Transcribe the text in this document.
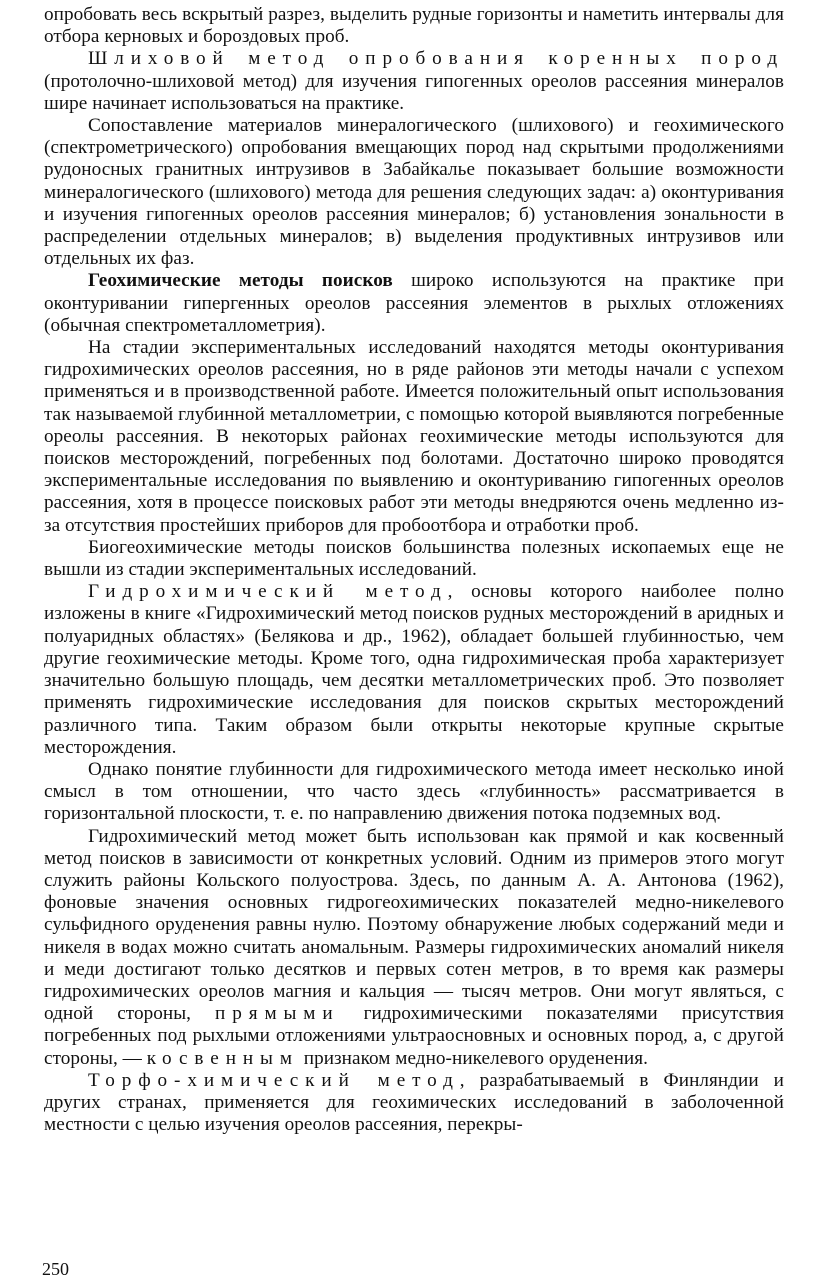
опробовать весь вскрытый разрез, выделить рудные горизонты и наметить интервалы для отбора керновых и бороздовых проб.

Шлиховой метод опробования коренных пород (протолочно-шлиховой метод) для изучения гипогенных ореолов рассеяния минералов шире начинает использоваться на практике.

Сопоставление материалов минералогического (шлихового) и геохимического (спектрометрического) опробования вмещающих пород над скрытыми продолжениями рудоносных гранитных интрузивов в Забайкалье показывает большие возможности минералогического (шлихового) метода для решения следующих задач: а) оконтуривания и изучения гипогенных ореолов рассеяния минералов; б) установления зональности в распределении отдельных минералов; в) выделения продуктивных интрузивов или отдельных их фаз.

Геохимические методы поисков широко используются на практике при оконтуривании гипергенных ореолов рассеяния элементов в рыхлых отложениях (обычная спектрометаллометрия).

На стадии экспериментальных исследований находятся методы оконтуривания гидрохимических ореолов рассеяния, но в ряде районов эти методы начали с успехом применяться и в производственной работе. Имеется положительный опыт использования так называемой глубинной металлометрии, с помощью которой выявляются погребенные ореолы рассеяния. В некоторых районах геохимические методы используются для поисков месторождений, погребенных под болотами. Достаточно широко проводятся экспериментальные исследования по выявлению и оконтуриванию гипогенных ореолов рассеяния, хотя в процессе поисковых работ эти методы внедряются очень медленно из-за отсутствия простейших приборов для пробоотбора и отработки проб.

Биогеохимические методы поисков большинства полезных ископаемых еще не вышли из стадии экспериментальных исследований.

Гидрохимический метод, основы которого наиболее полно изложены в книге «Гидрохимический метод поисков рудных месторождений в аридных и полуаридных областях» (Белякова и др., 1962), обладает большей глубинностью, чем другие геохимические методы. Кроме того, одна гидрохимическая проба характеризует значительно большую площадь, чем десятки металлометрических проб. Это позволяет применять гидрохимические исследования для поисков скрытых месторождений различного типа. Таким образом были открыты некоторые крупные скрытые месторождения.

Однако понятие глубинности для гидрохимического метода имеет несколько иной смысл в том отношении, что часто здесь «глубинность» рассматривается в горизонтальной плоскости, т. е. по направлению движения потока подземных вод.

Гидрохимический метод может быть использован как прямой и как косвенный метод поисков в зависимости от конкретных условий. Одним из примеров этого могут служить районы Кольского полуострова. Здесь, по данным А. А. Антонова (1962), фоновые значения основных гидрогеохимических показателей медно-никелевого сульфидного оруденения равны нулю. Поэтому обнаружение любых содержаний меди и никеля в водах можно считать аномальным. Размеры гидрохимических аномалий никеля и меди достигают только десятков и первых сотен метров, в то время как размеры гидрохимических ореолов магния и кальция — тысяч метров. Они могут являться, с одной стороны, прямыми гидрохимическими показателями присутствия погребенных под рыхлыми отложениями ультраосновных и основных пород, а, с другой стороны, — косвенным признаком медно-никелевого оруденения.

Торфо-химический метод, разрабатываемый в Финляндии и других странах, применяется для геохимических исследований в заболоченной местности с целью изучения ореолов рассеяния, перекры-

250
